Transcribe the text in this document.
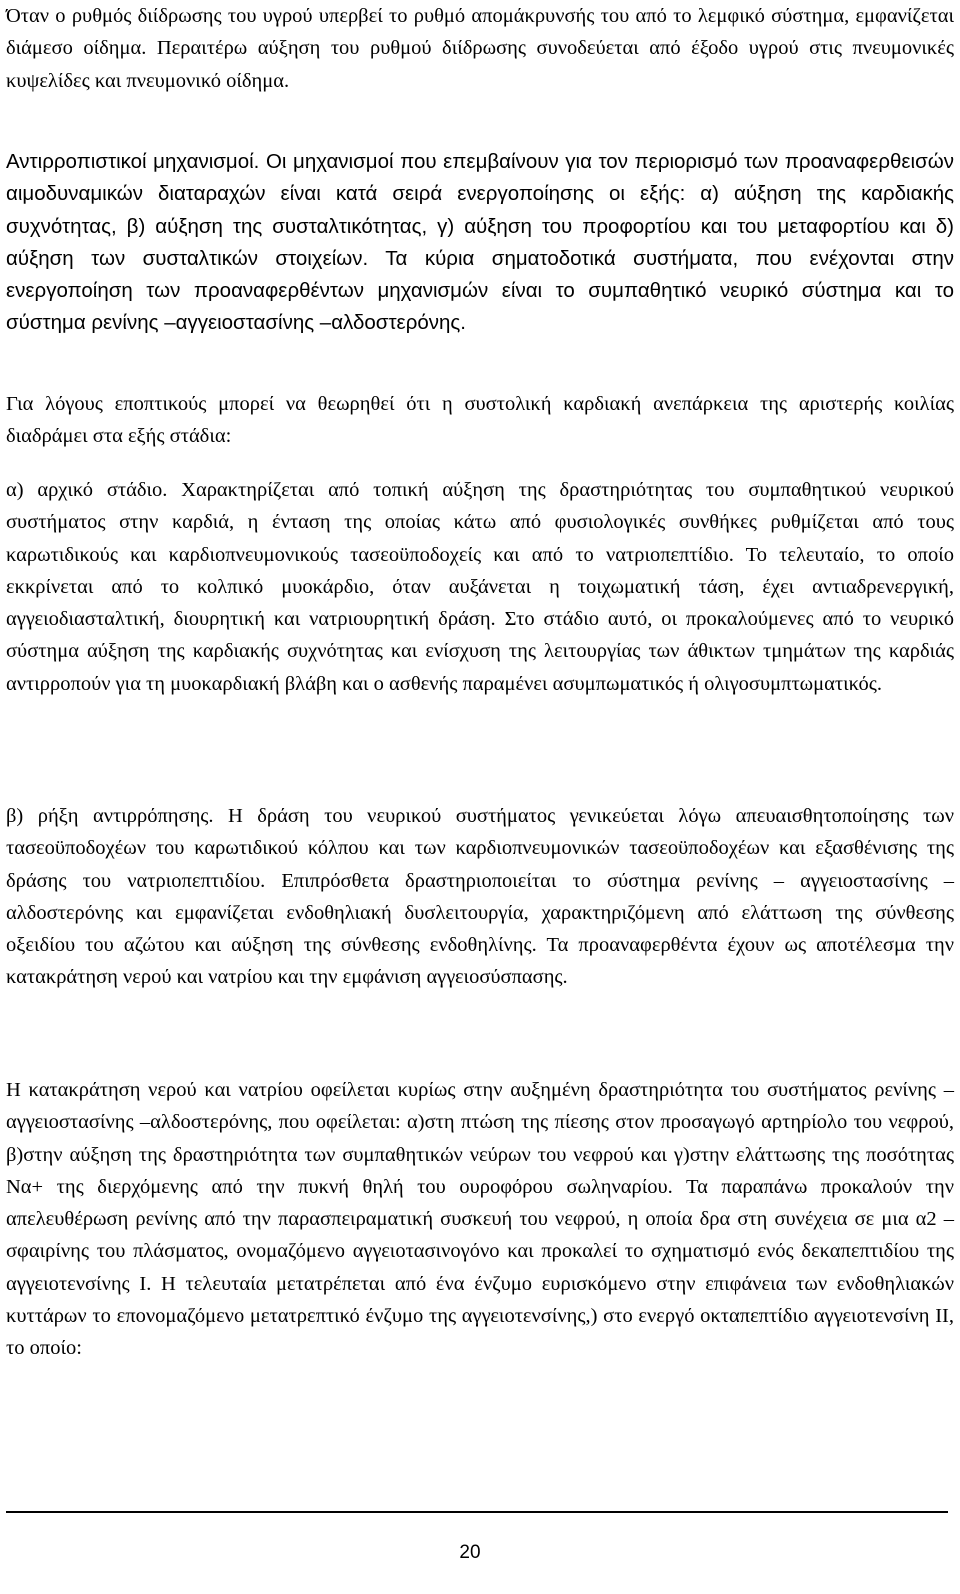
Όταν ο ρυθμός διίδρωσης του υγρού υπερβεί το ρυθμό απομάκρυνσής του από το λεμφικό σύστημα, εμφανίζεται διάμεσο οίδημα. Περαιτέρω αύξηση του ρυθμού διίδρωσης συνοδεύεται από έξοδο υγρού στις πνευμονικές κυψελίδες και πνευμονικό οίδημα.

Αντιρροπιστικοί μηχανισμοί. Οι μηχανισμοί που επεμβαίνουν για τον περιορισμό των προαναφερθεισών αιμοδυναμικών διαταραχών είναι κατά σειρά ενεργοποίησης οι εξής: α) αύξηση της καρδιακής συχνότητας, β) αύξηση της συσταλτικότητας, γ) αύξηση του προφορτίου και του μεταφορτίου και δ) αύξηση των συσταλτικών στοιχείων. Τα κύρια σηματοδοτικά συστήματα, που ενέχονται στην ενεργοποίηση των προαναφερθέντων μηχανισμών είναι το συμπαθητικό νευρικό σύστημα και το σύστημα ρενίνης –αγγειοστασίνης –αλδοστερόνης.

Για λόγους εποπτικούς μπορεί να θεωρηθεί ότι η συστολική καρδιακή ανεπάρκεια της αριστερής κοιλίας διαδράμει στα εξής στάδια:

α) αρχικό στάδιο. Χαρακτηρίζεται από τοπική αύξηση της δραστηριότητας του συμπαθητικού νευρικού συστήματος στην καρδιά, η ένταση της οποίας κάτω από φυσιολογικές συνθήκες ρυθμίζεται από τους καρωτιδικούς και καρδιοπνευμονικούς τασεοϋποδοχείς και από το νατριοπεπτίδιο. Το τελευταίο, το οποίο εκκρίνεται από το κολπικό μυοκάρδιο, όταν αυξάνεται η τοιχωματική τάση, έχει αντιαδρενεργική, αγγειοδιασταλτική, διουρητική και νατριουρητική δράση. Στο στάδιο αυτό, οι προκαλούμενες από το νευρικό σύστημα αύξηση της καρδιακής συχνότητας και ενίσχυση της λειτουργίας των άθικτων τμημάτων της καρδιάς αντιρροπούν για τη μυοκαρδιακή βλάβη και ο ασθενής παραμένει ασυμπωματικός ή ολιγοσυμπτωματικός.

β) ρήξη αντιρρόπησης. Η δράση του νευρικού συστήματος γενικεύεται λόγω απευαισθητοποίησης των τασεοϋποδοχέων του καρωτιδικού κόλπου και των καρδιοπνευμονικών τασεοϋποδοχέων και εξασθένισης της δράσης του νατριοπεπτιδίου. Επιπρόσθετα δραστηριοποιείται το σύστημα ρενίνης – αγγειοστασίνης –αλδοστερόνης και εμφανίζεται ενδοθηλιακή δυσλειτουργία, χαρακτηριζόμενη από ελάττωση της σύνθεσης οξειδίου του αζώτου και αύξηση της σύνθεσης ενδοθηλίνης. Τα προαναφερθέντα έχουν ως αποτέλεσμα την κατακράτηση νερού και νατρίου και την εμφάνιση αγγειοσύσπασης.

Η κατακράτηση νερού και νατρίου οφείλεται κυρίως στην αυξημένη δραστηριότητα του συστήματος ρενίνης – αγγειοστασίνης –αλδοστερόνης, που οφείλεται: α)στη πτώση της πίεσης στον προσαγωγό αρτηρίολο του νεφρού, β)στην αύξηση της δραστηριότητα των συμπαθητικών νεύρων του νεφρού και γ)στην ελάττωσης της ποσότητας Να+ της διερχόμενης από την πυκνή θηλή του ουροφόρου σωληναρίου. Τα παραπάνω προκαλούν την απελευθέρωση ρενίνης από την παρασπειραματική συσκευή του νεφρού, η οποία δρα στη συνέχεια σε μια α2 –σφαιρίνης του πλάσματος, ονομαζόμενο αγγειοτασινογόνο και προκαλεί το σχηματισμό ενός δεκαπεπτιδίου της αγγειοτενσίνης Ι. Η τελευταία μετατρέπεται από ένα ένζυμο ευρισκόμενο στην επιφάνεια των ενδοθηλιακών κυττάρων το επονομαζόμενο μετατρεπτικό ένζυμο της αγγειοτενσίνης,) στο ενεργό οκταπεπτίδιο αγγειοτενσίνη ΙΙ, το οποίο:

20
